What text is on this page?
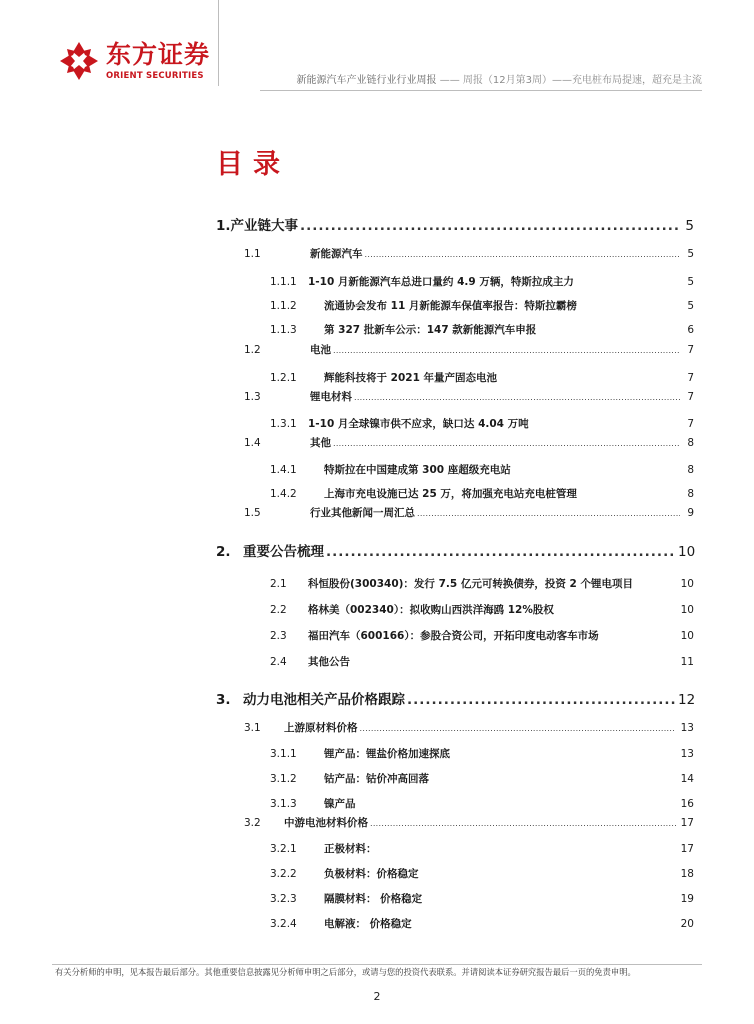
东方证券
ORIENT SECURITIES	新能源汽车产业链行业行业周报 —— 周报（12月第3周）——充电桩布局提速，超充是主流
目录
1. 产业链大事 .....	5
1.1	新能源汽车 .....	5
1.1.1	1-10 月新能源汽车总进口量约 4.9 万辆，特斯拉成主力	5
1.1.2	流通协会发布 11 月新能源车保值率报告：特斯拉霸榜	5
1.1.3	第 327 批新车公示：147 款新能源汽车申报	6
1.2	电池 .....	7
1.2.1	辉能科技将于 2021 年量产固态电池	7
1.3	锂电材料 .....	7
1.3.1	1-10 月全球镍市供不应求，缺口达 4.04 万吨	7
1.4	其他 .....	8
1.4.1	特斯拉在中国建成第 300 座超级充电站	8
1.4.2	上海市充电设施已达 25 万，将加强充电站充电桩管理	8
1.5	行业其他新闻一周汇总 .....	9
2. 重要公告梳理 .....	10
2.1	科恒股份(300340)：发行 7.5 亿元可转换债券，投资 2 个锂电项目	10
2.2	格林美（002340）：拟收购山西洪洋海鸥 12%股权	10
2.3	福田汽车（600166）：参股合资公司，开拓印度电动客车市场	10
2.4	其他公告	11
3. 动力电池相关产品价格跟踪 .....	12
3.1	上游原材料价格 .....	13
3.1.1	锂产品：锂盐价格加速探底	13
3.1.2	钴产品：钴价冲高回落	14
3.1.3	镍产品	16
3.2	中游电池材料价格 .....	17
3.2.1	正极材料：	17
3.2.2	负极材料：价格稳定	18
3.2.3	隔膜材料： 价格稳定	19
3.2.4	电解液： 价格稳定	20
有关分析师的申明，见本报告最后部分。其他重要信息披露见分析师申明之后部分，或请与您的投资代表联系。并请阅读本证券研究报告最后一页的免责申明。
2
